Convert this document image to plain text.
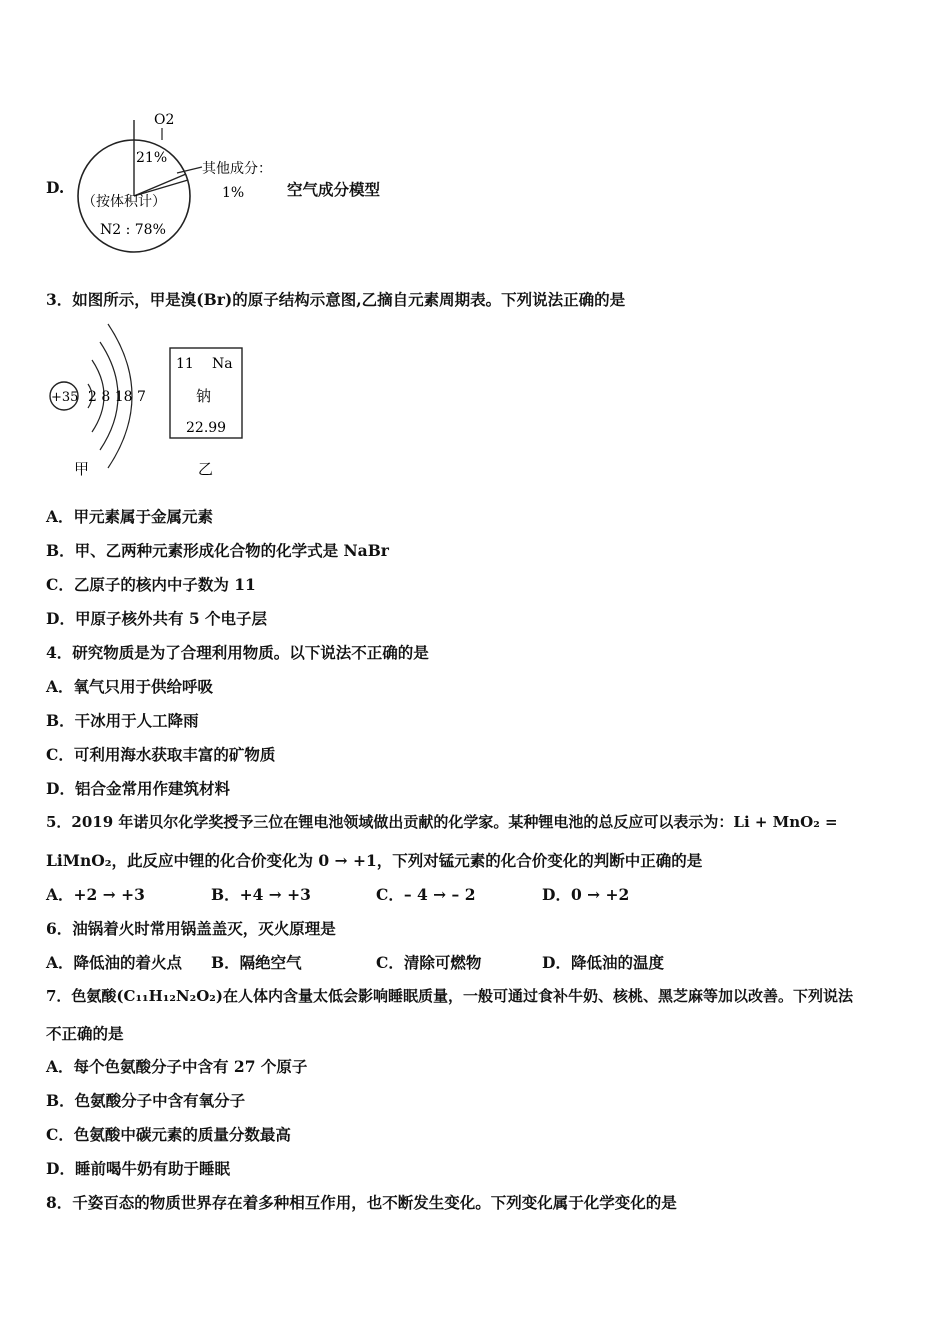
D.
O2
21%
其他成分：
1%
（按体积计）
N2 : 78%
空气成分模型
3．如图所示，甲是溴(Br)的原子结构示意图,乙摘自元素周期表。下列说法正确的是
+35 2 8 18 7
甲
11 Na
钠
22.99
乙
A．甲元素属于金属元素
B．甲、乙两种元素形成化合物的化学式是 NaBr
C．乙原子的核内中子数为 11
D．甲原子核外共有 5 个电子层
4．研究物质是为了合理利用物质。以下说法不正确的是
A．氧气只用于供给呼吸
B．干冰用于人工降雨
C．可利用海水获取丰富的矿物质
D．铝合金常用作建筑材料
5．2019 年诺贝尔化学奖授予三位在锂电池领域做出贡献的化学家。某种锂电池的总反应可以表示为：Li + MnO₂ =
LiMnO₂，此反应中锂的化合价变化为 0 → +1，下列对锰元素的化合价变化的判断中正确的是
A．+2 → +3	B．+4 → +3	C．– 4 → – 2	D．0 → +2
6．油锅着火时常用锅盖盖灭，灭火原理是
A．降低油的着火点 B．隔绝空气	C．清除可燃物	D．降低油的温度
7．色氨酸(C₁₁H₁₂N₂O₂)在人体内含量太低会影响睡眠质量，一般可通过食补牛奶、核桃、黑芝麻等加以改善。下列说法
不正确的是
A．每个色氨酸分子中含有 27 个原子
B．色氨酸分子中含有氧分子
C．色氨酸中碳元素的质量分数最高
D．睡前喝牛奶有助于睡眠
8．千姿百态的物质世界存在着多种相互作用，也不断发生变化。下列变化属于化学变化的是
